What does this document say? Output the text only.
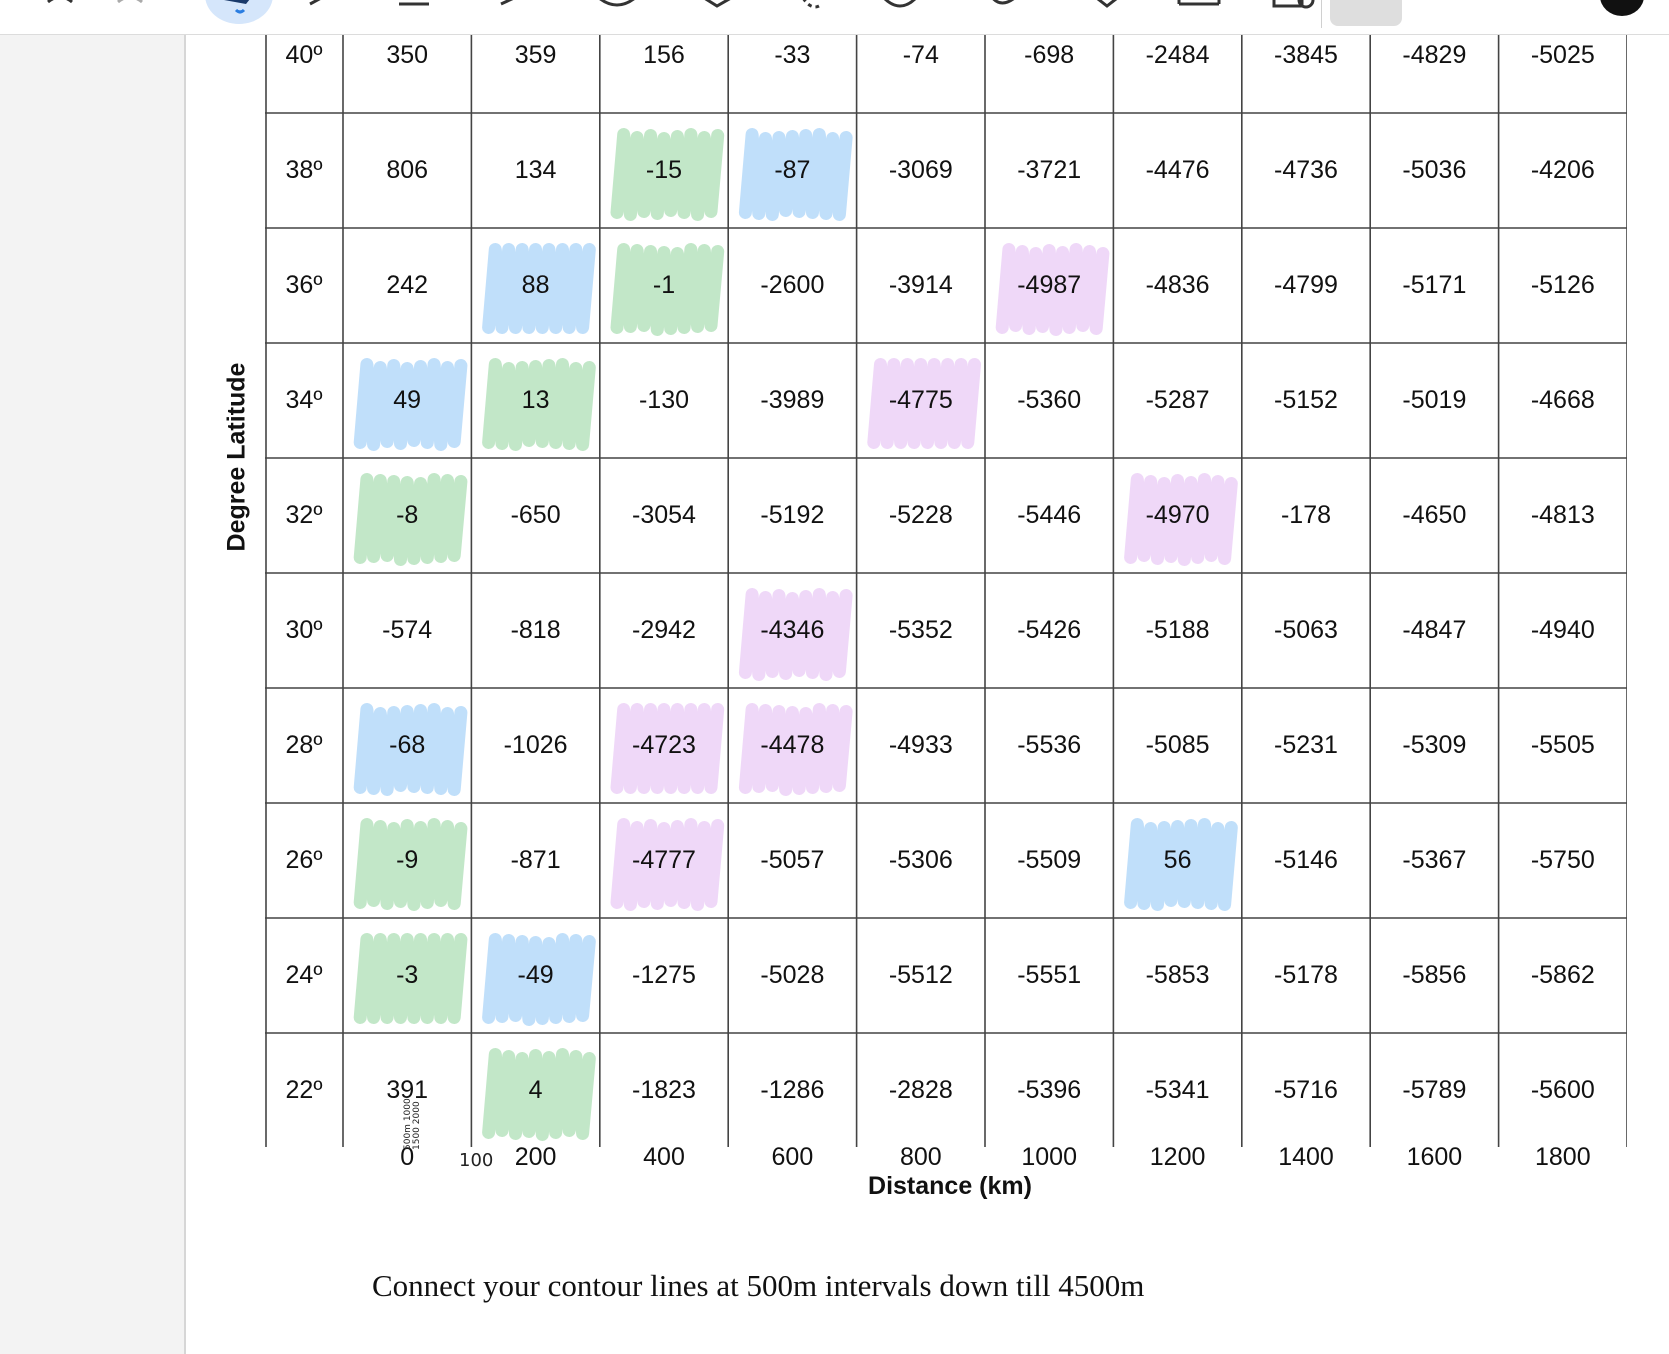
40º	350	359	156	-33	-74	-698	-2484	-3845	-4829	-5025
38º	806	134	-15	-87	-3069	-3721	-4476	-4736	-5036	-4206
36º	242	88	-1	-2600	-3914	-4987	-4836	-4799	-5171	-5126
34º	49	13	-130	-3989	-4775	-5360	-5287	-5152	-5019	-4668
32º	-8	-650	-3054	-5192	-5228	-5446	-4970	-178	-4650	-4813
30º	-574	-818	-2942	-4346	-5352	-5426	-5188	-5063	-4847	-4940
28º	-68	-1026	-4723	-4478	-4933	-5536	-5085	-5231	-5309	-5505
26º	-9	-871	-4777	-5057	-5306	-5509	56	-5146	-5367	-5750
24º	-3	-49	-1275	-5028	-5512	-5551	-5853	-5178	-5856	-5862
22º	391	4	-1823	-1286	-2828	-5396	-5341	-5716	-5789	-5600
Degree Latitude
0	200	400	600	800	1000	1200	1400	1600	1800
Distance (km)
100
500m 1000 1500 2000
Connect your contour lines at 500m intervals down till 4500m
